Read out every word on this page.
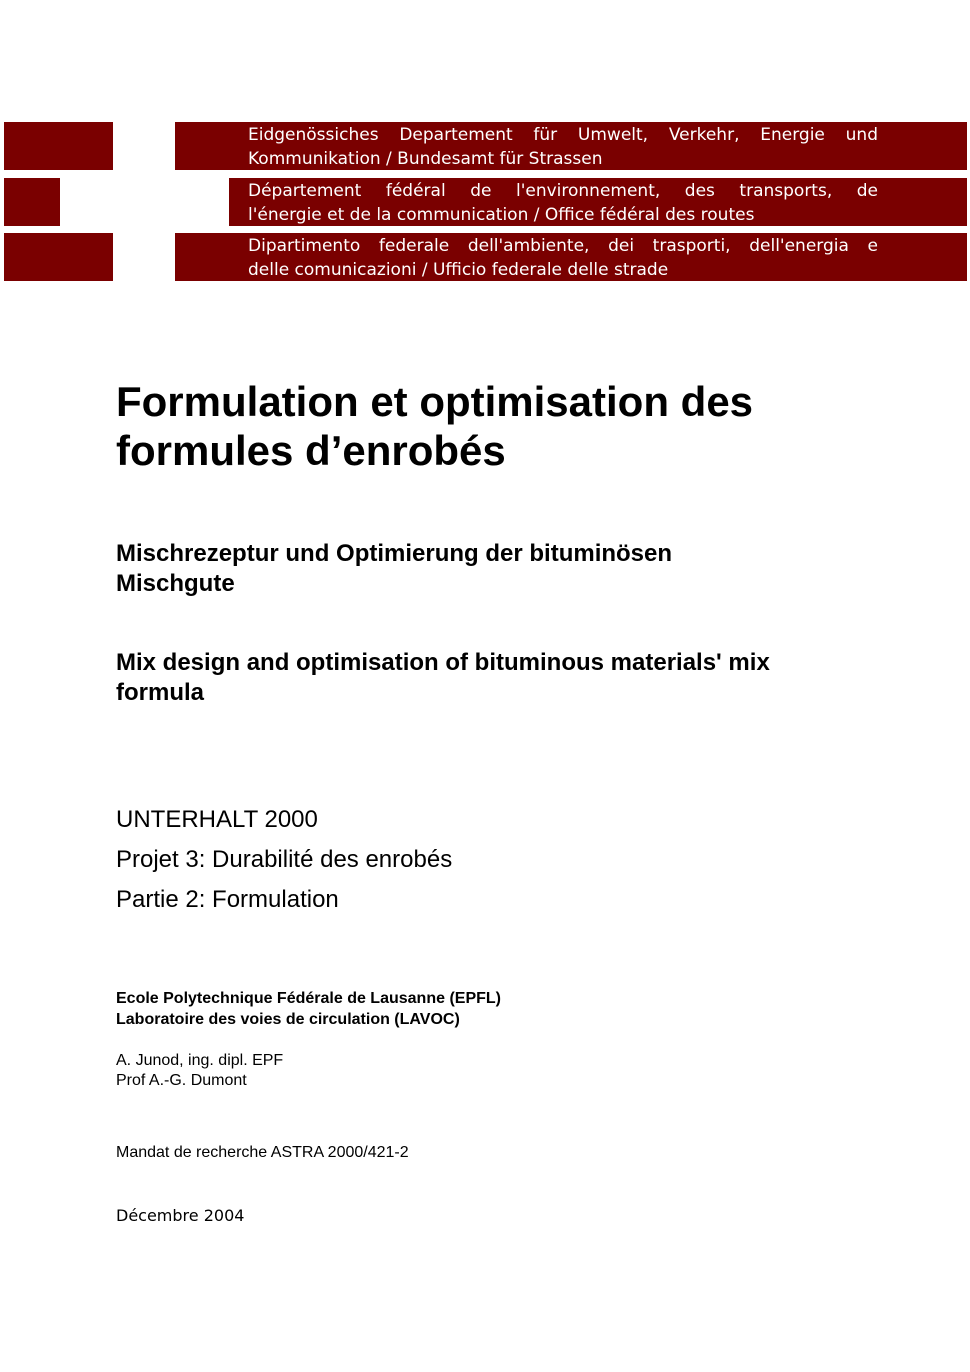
Eidgenössiches Departement für Umwelt, Verkehr, Energie und
Kommunikation / Bundesamt für Strassen
Département fédéral de l'environnement, des transports, de
l'énergie et de la communication / Office fédéral des routes
Dipartimento federale dell'ambiente, dei trasporti, dell'energia e
delle comunicazioni / Ufficio federale delle strade
Formulation et optimisation des
formules d’enrobés
Mischrezeptur und Optimierung der bituminösen
Mischgute
Mix design and optimisation of bituminous materials' mix
formula

UNTERHALT 2000

Projet 3: Durabilité des enrobés

Partie 2: Formulation

Ecole Polytechnique Fédérale de Lausanne (EPFL)

Laboratoire des voies de circulation (LAVOC)

A. Junod, ing. dipl. EPF

Prof A.-G. Dumont

Mandat de recherche ASTRA 2000/421-2

Décembre 2004
